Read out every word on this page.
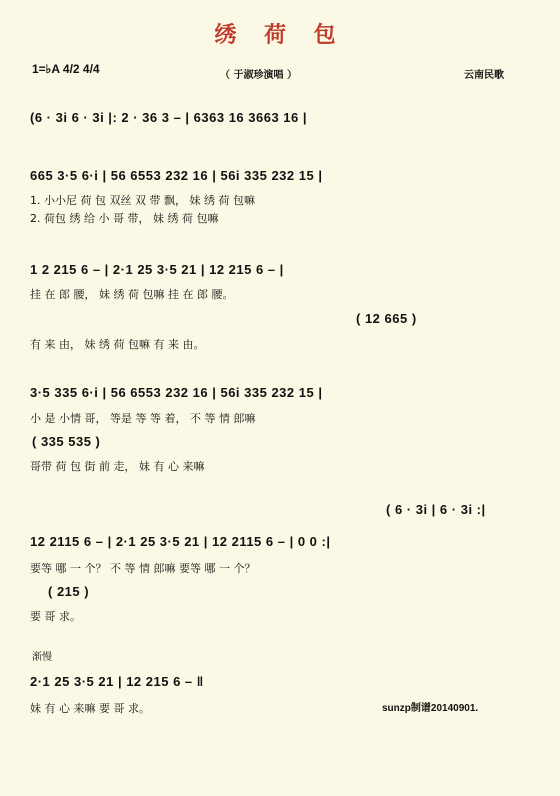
绣 荷 包
1=♭A 4/2 4/4	（ 于淑珍演唱 ）	云南民歌
(6 · 3i 6 · 3i |: 2 · 36 3 – | 6363 16 3663 16 |
665 3·5 6·i | 56 6553 232 16 | 56i 335 232 15 |
1. 小小尼 荷 包 双丝 双 带 飘， 妹 绣 荷 包嘛
2. 荷包 绣 给 小 哥 带， 妹 绣 荷 包嘛
1 2 215 6 – | 2·1 25 3·5 21 | 12 215 6 – |
挂 在 郎 腰， 妹 绣 荷 包嘛 挂 在 郎 腰。
( 12 665 )
有 来 由， 妹 绣 荷 包嘛 有 来 由。
3·5 335 6·i | 56 6553 232 16 | 56i 335 232 15 |
小 是 小情 哥， 等是 等 等 着， 不 等 情 郎嘛
( 335 535 )
哥带 荷 包 街 前 走， 妹 有 心 来嘛
( 6 · 3i | 6 · 3i :|
12 2115 6 – | 2·1 25 3·5 21 | 12 2115 6 – | 0 0 :|
要等 哪 一 个？ 不 等 情 郎嘛 要等 哪 一 个？
( 215 )
要 哥 求。
渐慢
2·1 25 3·5 21 | 12 215 6 – ‖
妹 有 心 来嘛 要 哥 求。	sunzp制谱20140901.
